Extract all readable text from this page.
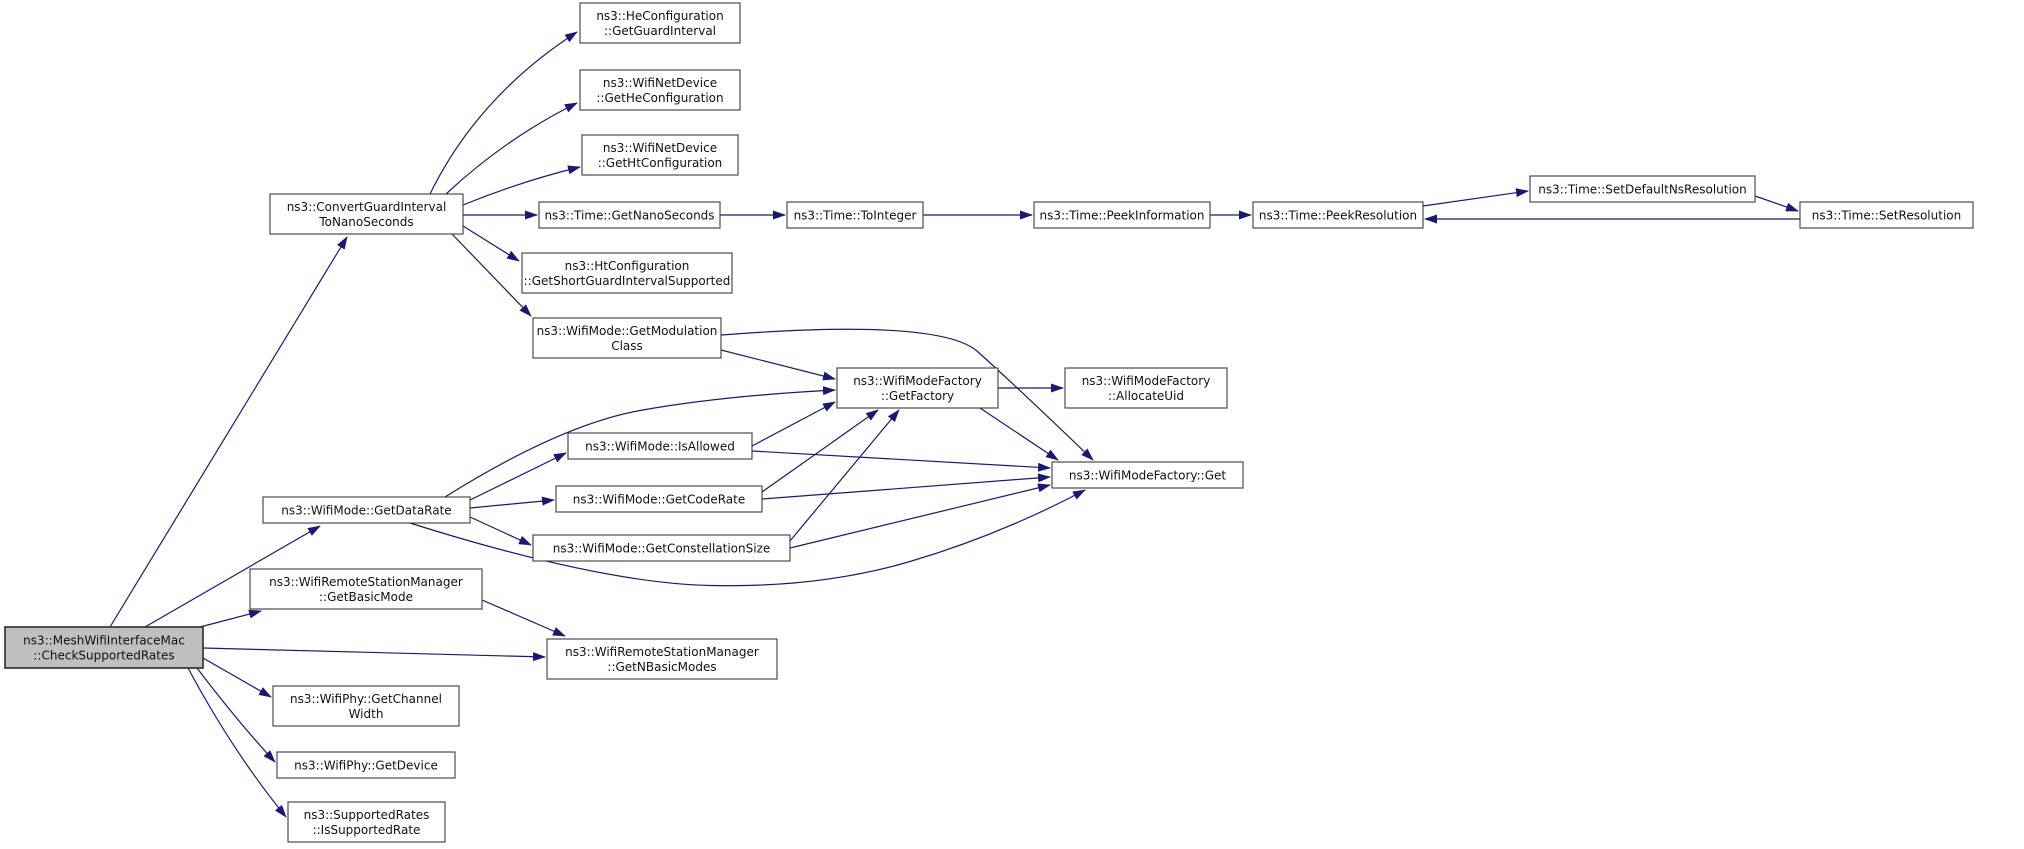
ns3::MeshWifiInterfaceMac ::CheckSupportedRates
ns3::ConvertGuardInterval ToNanoSeconds
ns3::HeConfiguration ::GetGuardInterval
ns3::WifiNetDevice ::GetHeConfiguration
ns3::WifiNetDevice ::GetHtConfiguration
ns3::Time::GetNanoSeconds	ns3::Time::ToInteger	ns3::Time::PeekInformation	ns3::Time::PeekResolution
ns3::Time::SetDefaultNsResolution
ns3::Time::SetResolution
ns3::HtConfiguration ::GetShortGuardIntervalSupported
ns3::WifiMode::GetModulation Class
ns3::WifiModeFactory ::GetFactory
ns3::WifiModeFactory ::AllocateUid
ns3::WifiModeFactory::Get
ns3::WifiMode::IsAllowed
ns3::WifiMode::GetCodeRate
ns3::WifiMode::GetConstellationSize
ns3::WifiMode::GetDataRate
ns3::WifiRemoteStationManager ::GetBasicMode
ns3::WifiRemoteStationManager ::GetNBasicModes
ns3::WifiPhy::GetChannel Width
ns3::WifiPhy::GetDevice
ns3::SupportedRates ::IsSupportedRate
